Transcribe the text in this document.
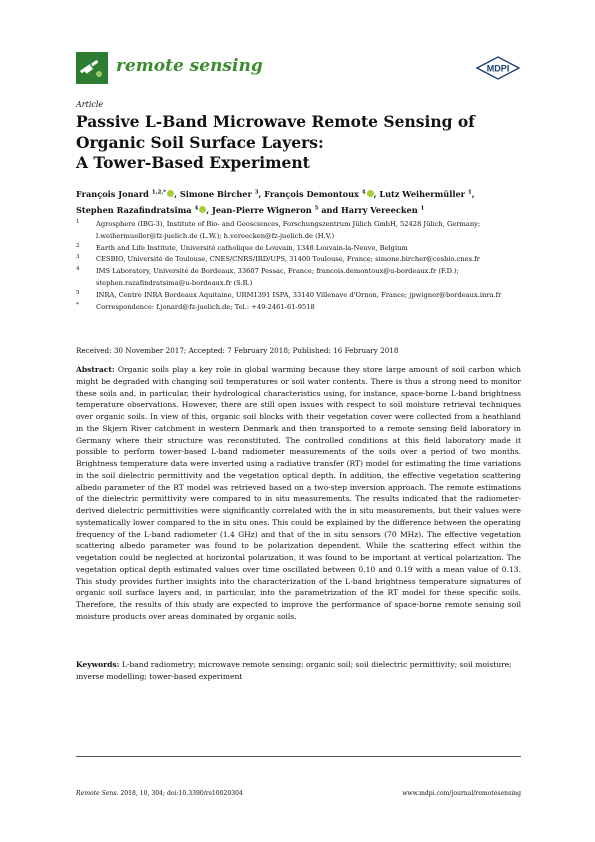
remote sensing	MDPI
Article
Passive L-Band Microwave Remote Sensing of
Organic Soil Surface Layers:
A Tower-Based Experiment
François Jonard $^{1,2,*}$ , Simone Bircher $^3$, François Demontoux $^4$ , Lutz Weihermüller $^1$,
Stephen Razafindratsima $^4$ , Jean-Pierre Wigneron $^5$ and Harry Vereecken $^1$
1 Agrosphere (IBG-3), Institute of Bio- and Geosciences, Forschungszentrum Jülich GmbH, 52428 Jülich, Germany; l.weihermueller@fz-juelich.de (L.W.); h.vereecken@fz-juelich.de (H.V.)
2 Earth and Life Institute, Université catholique de Louvain, 1348 Louvain-la-Neuve, Belgium
3 CESBIO, Université de Toulouse, CNES/CNRS/IRD/UPS, 31400 Toulouse, France; simone.bircher@cesbio.cnes.fr
4 IMS Laboratory, Université de Bordeaux, 33607 Pessac, France; francois.demontoux@u-bordeaux.fr (F.D.); stephen.razafindratsima@u-bordeaux.fr (S.R.)
5 INRA, Centre INRA Bordeaux Aquitaine, URM1391 ISPA, 33140 Villenave d'Ornon, France; jpwigner@bordeaux.inra.fr
*	Correspondence: f.jonard@fz-juelich.de; Tel.: +49-2461-61-9518
Received: 30 November 2017; Accepted: 7 February 2018; Published: 16 February 2018
Abstract: Organic soils play a key role in global warming because they store large amount of soil carbon which might be degraded with changing soil temperatures or soil water contents. There is thus a strong need to monitor these soils and, in particular, their hydrological characteristics using, for instance, space-borne L-band brightness temperature observations. However, there are still open issues with respect to soil moisture retrieval techniques over organic soils. In view of this, organic soil blocks with their vegetation cover were collected from a heathland in the Skjern River catchment in western Denmark and then transported to a remote sensing field laboratory in Germany where their structure was reconstituted. The controlled conditions at this field laboratory made it possible to perform tower-based L-band radiometer measurements of the soils over a period of two months. Brightness temperature data were inverted using a radiative transfer (RT) model for estimating the time variations in the soil dielectric permittivity and the vegetation optical depth. In addition, the effective vegetation scattering albedo parameter of the RT model was retrieved based on a two-step inversion approach. The remote estimations of the dielectric permittivity were compared to in situ measurements. The results indicated that the radiometer-derived dielectric permittivities were significantly correlated with the in situ measurements, but their values were systematically lower compared to the in situ ones. This could be explained by the difference between the operating frequency of the L-band radiometer (1.4 GHz) and that of the in situ sensors (70 MHz). The effective vegetation scattering albedo parameter was found to be polarization dependent. While the scattering effect within the vegetation could be neglected at horizontal polarization, it was found to be important at vertical polarization. The vegetation optical depth estimated values over time oscillated between 0.10 and 0.19 with a mean value of 0.13. This study provides further insights into the characterization of the L-band brightness temperature signatures of organic soil surface layers and, in particular, into the parametrization of the RT model for these specific soils. Therefore, the results of this study are expected to improve the performance of space-borne remote sensing soil moisture products over areas dominated by organic soils.
Keywords: L-band radiometry; microwave remote sensing; organic soil; soil dielectric permittivity; soil moisture; inverse modelling; tower-based experiment
Remote Sens. 2018, 10, 304; doi:10.3390/rs10020304	www.mdpi.com/journal/remotesensing
